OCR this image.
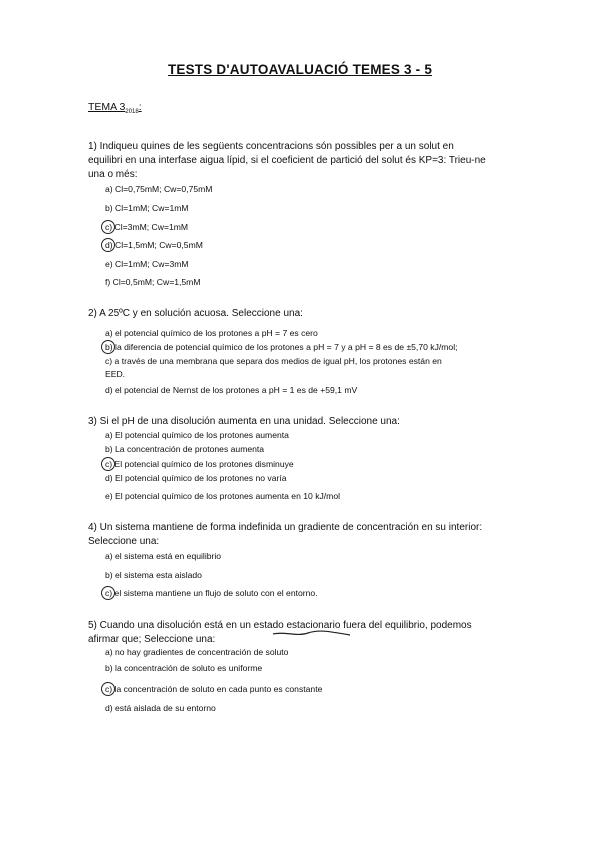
TESTS D'AUTOAVALUACIÓ TEMES 3 - 5
TEMA $3_{2018}$:
1) Indiqueu quines de les següents concentracions són possibles per a un solut en
equilibri en una interfase aigua lípid, si el coeficient de partició del solut és KP=3: Trieu-ne
una o més:
a) Cl=0,75mM; Cw=0,75mM
b) Cl=1mM; Cw=1mM
c) Cl=3mM; Cw=1mM
d) Cl=1,5mM; Cw=0,5mM
e) Cl=1mM; Cw=3mM
f) Cl=0,5mM; Cw=1,5mM
2) A 25ºC y en solución acuosa. Seleccione una:
a) el potencial químico de los protones a pH = 7 es cero
b) la diferencia de potencial químico de los protones a pH = 7 y a pH = 8 es de ±5,70 kJ/mol;
c) a través de una membrana que separa dos medios de igual pH, los protones están en
EED.
d) el potencial de Nernst de los protones a pH = 1 es de +59,1 mV
3) Si el pH de una disolución aumenta en una unidad. Seleccione una:
a) El potencial químico de los protones aumenta
b) La concentración de protones aumenta
c) El potencial químico de los protones disminuye
d) El potencial químico de los protones no varía
e) El potencial químico de los protones aumenta en 10 kJ/mol
4) Un sistema mantiene de forma indefinida un gradiente de concentración en su interior:
Seleccione una:
a) el sistema está en equilibrio
b) el sistema esta aislado
c) el sistema mantiene un flujo de soluto con el entorno.
5) Cuando una disolución está en un estado estacionario fuera del equilibrio, podemos
afirmar que; Seleccione una:
a) no hay gradientes de concentración de soluto
b) la concentración de soluto es uniforme
c) la concentración de soluto en cada punto es constante
d) está aislada de su entorno
